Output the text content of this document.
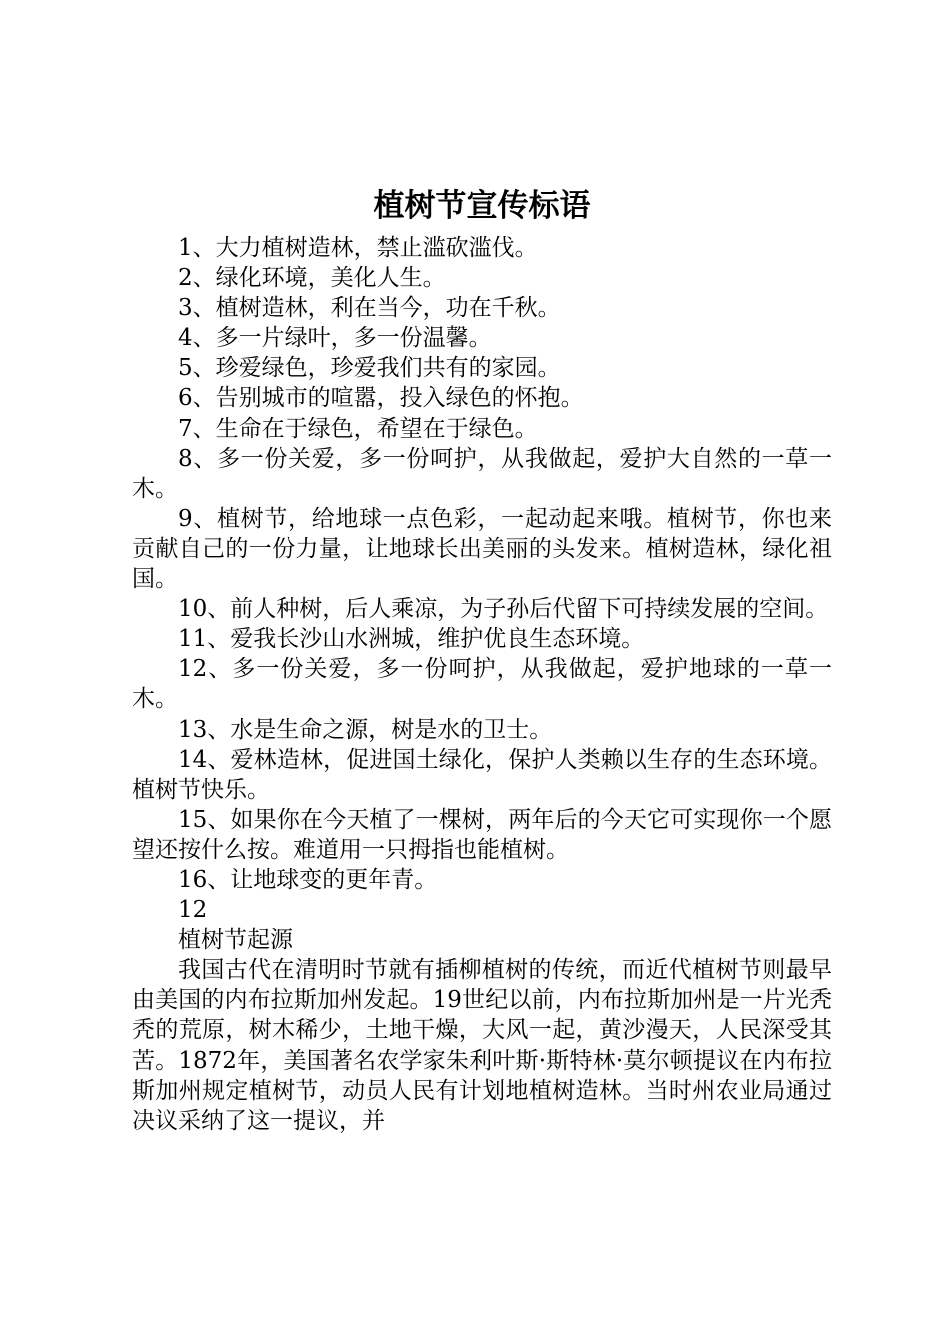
植树节宣传标语

1、大力植树造林，禁止滥砍滥伐。

2、绿化环境，美化人生。

3、植树造林，利在当今，功在千秋。

4、多一片绿叶，多一份温馨。

5、珍爱绿色，珍爱我们共有的家园。

6、告别城市的喧嚣，投入绿色的怀抱。

7、生命在于绿色，希望在于绿色。

8、多一份关爱，多一份呵护，从我做起，爱护大自然的一草一木。

9、植树节，给地球一点色彩，一起动起来哦。植树节，你也来贡献自己的一份力量，让地球长出美丽的头发来。植树造林，绿化祖国。

10、前人种树，后人乘凉，为子孙后代留下可持续发展的空间。

11、爱我长沙山水洲城，维护优良生态环境。

12、多一份关爱，多一份呵护，从我做起，爱护地球的一草一木。

13、水是生命之源，树是水的卫士。

14、爱林造林，促进国土绿化，保护人类赖以生存的生态环境。植树节快乐。

15、如果你在今天植了一棵树，两年后的今天它可实现你一个愿望还按什么按。难道用一只拇指也能植树。

16、让地球变的更年青。

12

植树节起源

我国古代在清明时节就有插柳植树的传统，而近代植树节则最早由美国的内布拉斯加州发起。19世纪以前，内布拉斯加州是一片光秃秃的荒原，树木稀少，土地干燥，大风一起，黄沙漫天，人民深受其苦。1872年，美国著名农学家朱利叶斯·斯特林·莫尔顿提议在内布拉斯加州规定植树节，动员人民有计划地植树造林。当时州农业局通过决议采纳了这一提议，并
